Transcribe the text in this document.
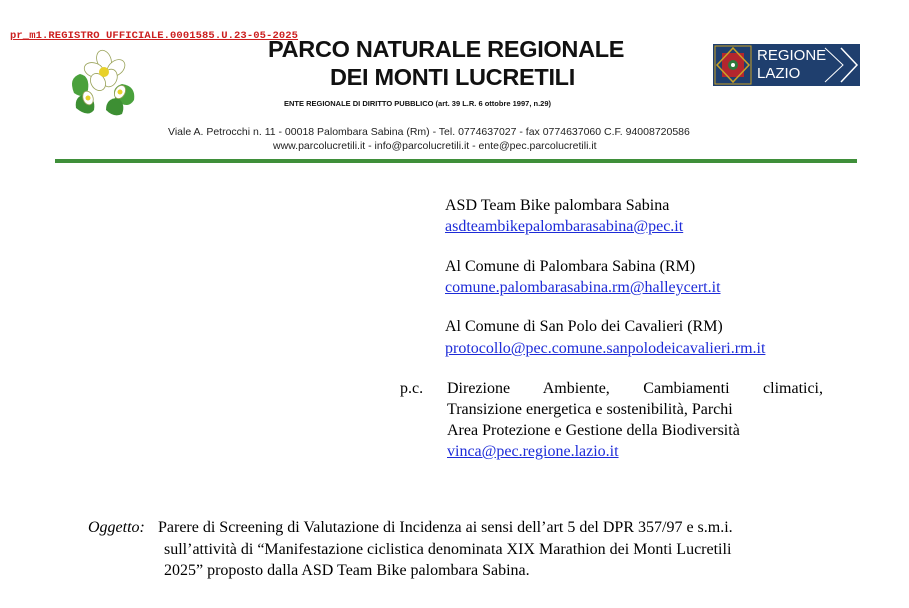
pr_m1.REGISTRO UFFICIALE.0001585.U.23-05-2025
PARCO NATURALE REGIONALE
DEI MONTI LUCRETILI
ENTE REGIONALE DI DIRITTO PUBBLICO (art. 39 L.R. 6 ottobre 1997, n.29)
Viale A. Petrocchi n. 11 - 00018 Palombara Sabina (Rm) - Tel. 0774637027 - fax 0774637060 C.F. 94008720586
www.parcolucretili.it - info@parcolucretili.it - ente@pec.parcolucretili.it
REGIONE
LAZIO
ASD Team Bike palombara Sabina
asdteambikepalombarasabina@pec.it
Al Comune di Palombara Sabina (RM)
comune.palombarasabina.rm@halleycert.it
Al Comune di San Polo dei Cavalieri (RM)
protocollo@pec.comune.sanpolodeicavalieri.rm.it
p.c. Direzione Ambiente, Cambiamenti climatici,
Transizione energetica e sostenibilità, Parchi
Area Protezione e Gestione della Biodiversità
vinca@pec.regione.lazio.it
Oggetto: Parere di Screening di Valutazione di Incidenza ai sensi dell’art 5 del DPR 357/97 e s.m.i.
sull’attività di “Manifestazione ciclistica denominata XIX Marathion dei Monti Lucretili
2025” proposto dalla ASD Team Bike palombara Sabina.
